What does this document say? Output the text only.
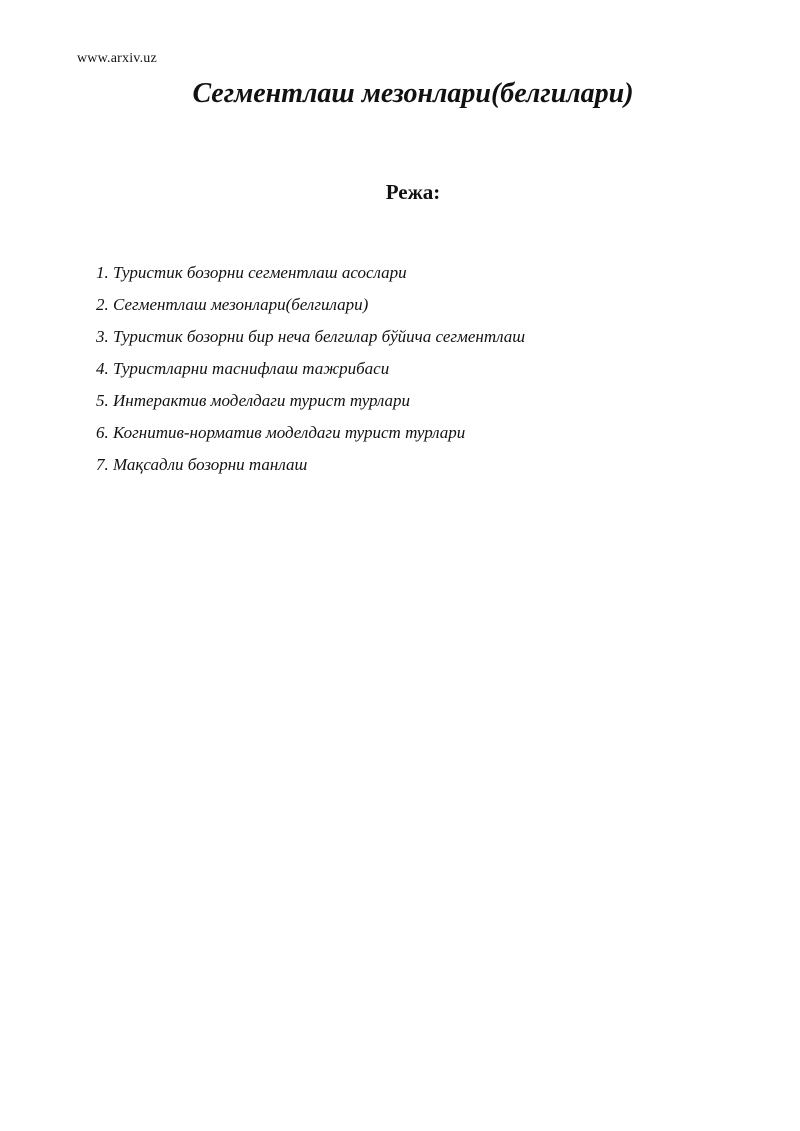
www.arxiv.uz
Сегментлаш мезонлари(белгилари)
Режа:
1. Туристик бозорни сегментлаш асослари
2. Сегментлаш мезонлари(белгилари)
3. Туристик бозорни бир неча белгилар бўйича сегментлаш
4. Туристларни таснифлаш тажрибаси
5. Интерактив моделдаги турист турлари
6. Когнитив-норматив моделдаги турист турлари
7. Мақсадли бозорни танлаш
